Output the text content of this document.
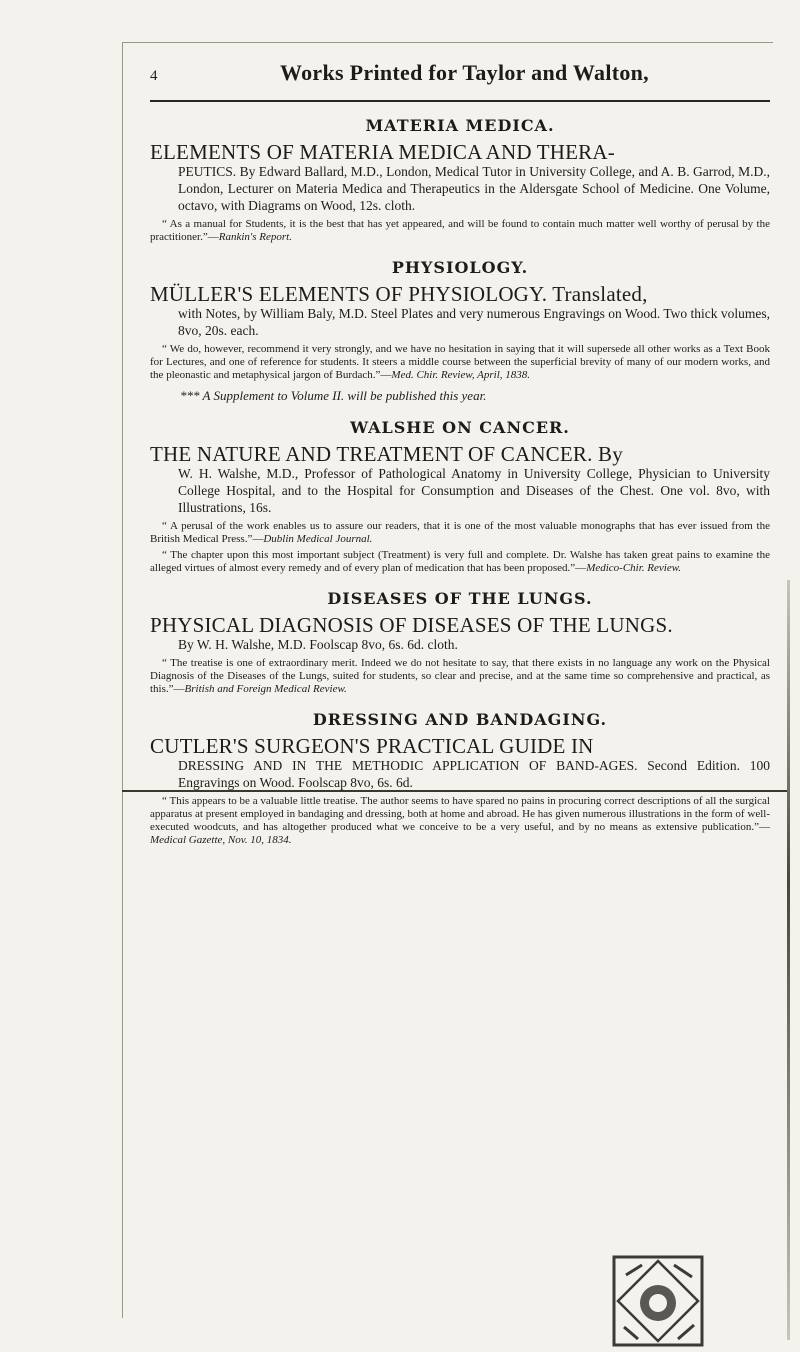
4	Works Printed for Taylor and Walton,
MATERIA MEDICA.

ELEMENTS OF MATERIA MEDICA AND THERA-

PEUTICS. By Edward Ballard, M.D., London, Medical Tutor in University College, and A. B. Garrod, M.D., London, Lecturer on Materia Medica and Therapeutics in the Aldersgate School of Medicine. One Volume, octavo, with Diagrams on Wood, 12s. cloth.

“ As a manual for Students, it is the best that has yet appeared, and will be found to contain much matter well worthy of perusal by the practitioner.”—Rankin's Report.

PHYSIOLOGY.

MÜLLER'S ELEMENTS OF PHYSIOLOGY. Translated,

with Notes, by William Baly, M.D. Steel Plates and very numerous Engravings on Wood. Two thick volumes, 8vo, 20s. each.

“ We do, however, recommend it very strongly, and we have no hesitation in saying that it will supersede all other works as a Text Book for Lectures, and one of reference for students. It steers a middle course between the superficial brevity of many of our modern works, and the pleonastic and metaphysical jargon of Burdach.”—Med. Chir. Review, April, 1838.

*** A Supplement to Volume II. will be published this year.

WALSHE ON CANCER.

THE NATURE AND TREATMENT OF CANCER. By

W. H. Walshe, M.D., Professor of Pathological Anatomy in University College, Physician to University College Hospital, and to the Hospital for Consumption and Diseases of the Chest. One vol. 8vo, with Illustrations, 16s.

“ A perusal of the work enables us to assure our readers, that it is one of the most valuable monographs that has ever issued from the British Medical Press.”—Dublin Medical Journal.

“ The chapter upon this most important subject (Treatment) is very full and complete. Dr. Walshe has taken great pains to examine the alleged virtues of almost every remedy and of every plan of medication that has been proposed.”—Medico-Chir. Review.

DISEASES OF THE LUNGS.

PHYSICAL DIAGNOSIS OF DISEASES OF THE LUNGS.

By W. H. Walshe, M.D. Foolscap 8vo, 6s. 6d. cloth.

“ The treatise is one of extraordinary merit. Indeed we do not hesitate to say, that there exists in no language any work on the Physical Diagnosis of the Diseases of the Lungs, suited for students, so clear and precise, and at the same time so comprehensive and practical, as this.”—British and Foreign Medical Review.

DRESSING AND BANDAGING.

CUTLER'S SURGEON'S PRACTICAL GUIDE IN

DRESSING AND IN THE METHODIC APPLICATION OF BAND-AGES. Second Edition. 100 Engravings on Wood. Foolscap 8vo, 6s. 6d.

“ This appears to be a valuable little treatise. The author seems to have spared no pains in procuring correct descriptions of all the surgical apparatus at present employed in bandaging and dressing, both at home and abroad. He has given numerous illustrations in the form of well-executed woodcuts, and has altogether produced what we conceive to be a very useful, and by no means as extensive publication.”—Medical Gazette, Nov. 10, 1834.
